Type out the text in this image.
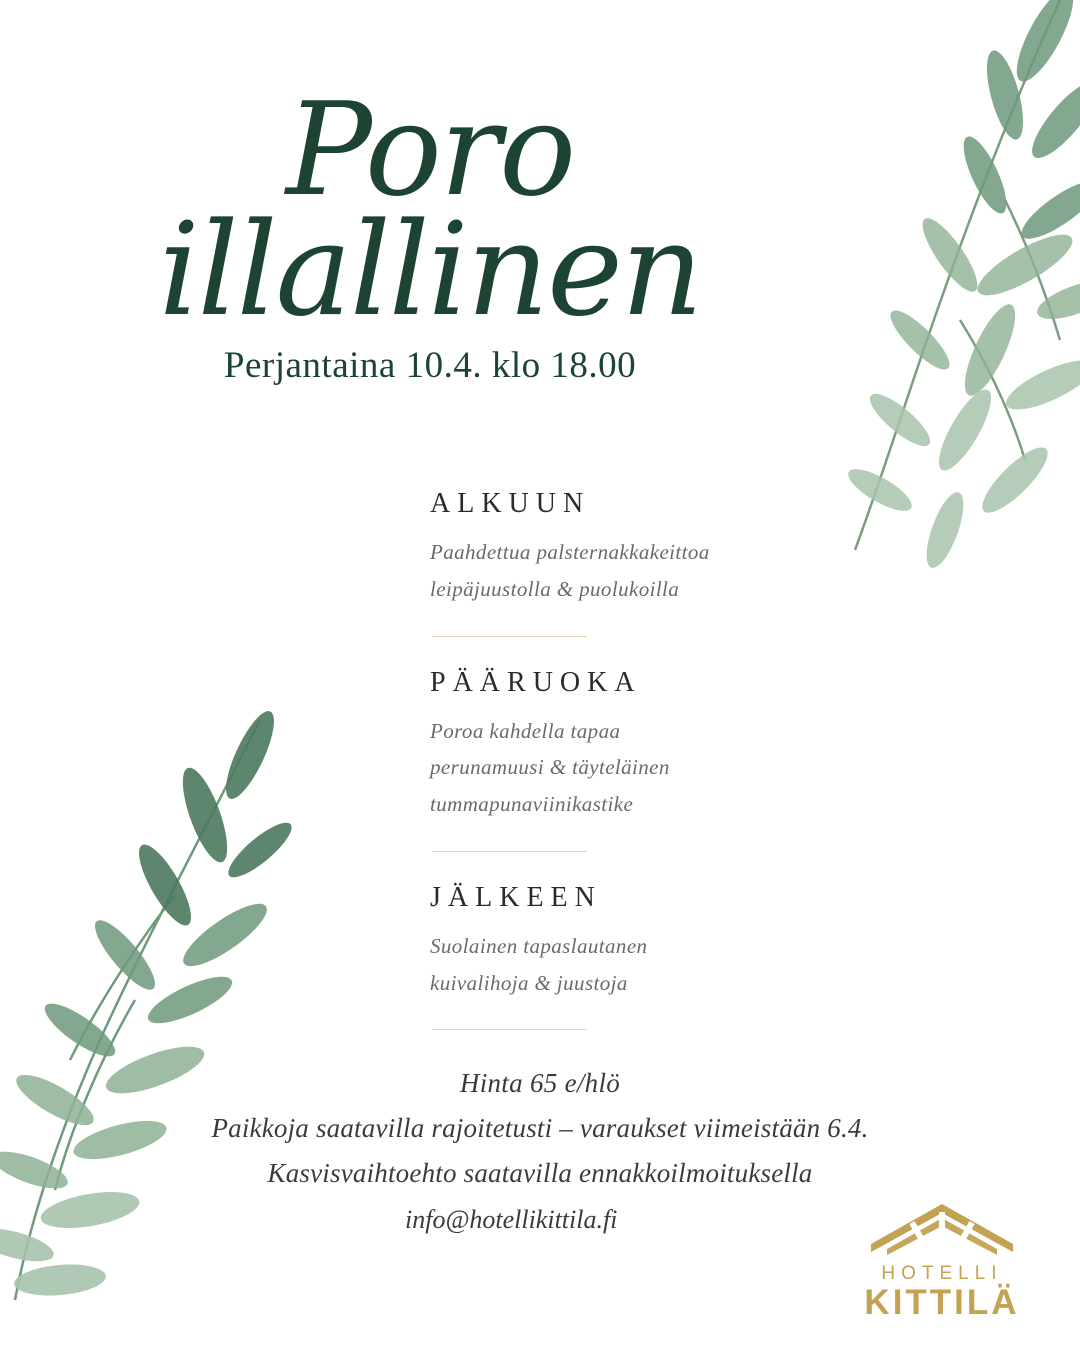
Poro
illallinen
Perjantaina 10.4. klo 18.00
ALKUUN
Paahdettua palsternakkakeittoa
leipäjuustolla & puolukoilla
PÄÄRUOKA
Poroa kahdella tapaa
perunamuusi & täyteläinen
tummapunaviinikastike
JÄLKEEN
Suolainen tapaslautanen
kuivalihoja & juustoja
Hinta 65 e/hlö
Paikkoja saatavilla rajoitetusti – varaukset viimeistään 6.4.
Kasvisvaihtoehto saatavilla ennakkoilmoituksella
info@hotellikittila.fi
HOTELLI
KITTILÄ
